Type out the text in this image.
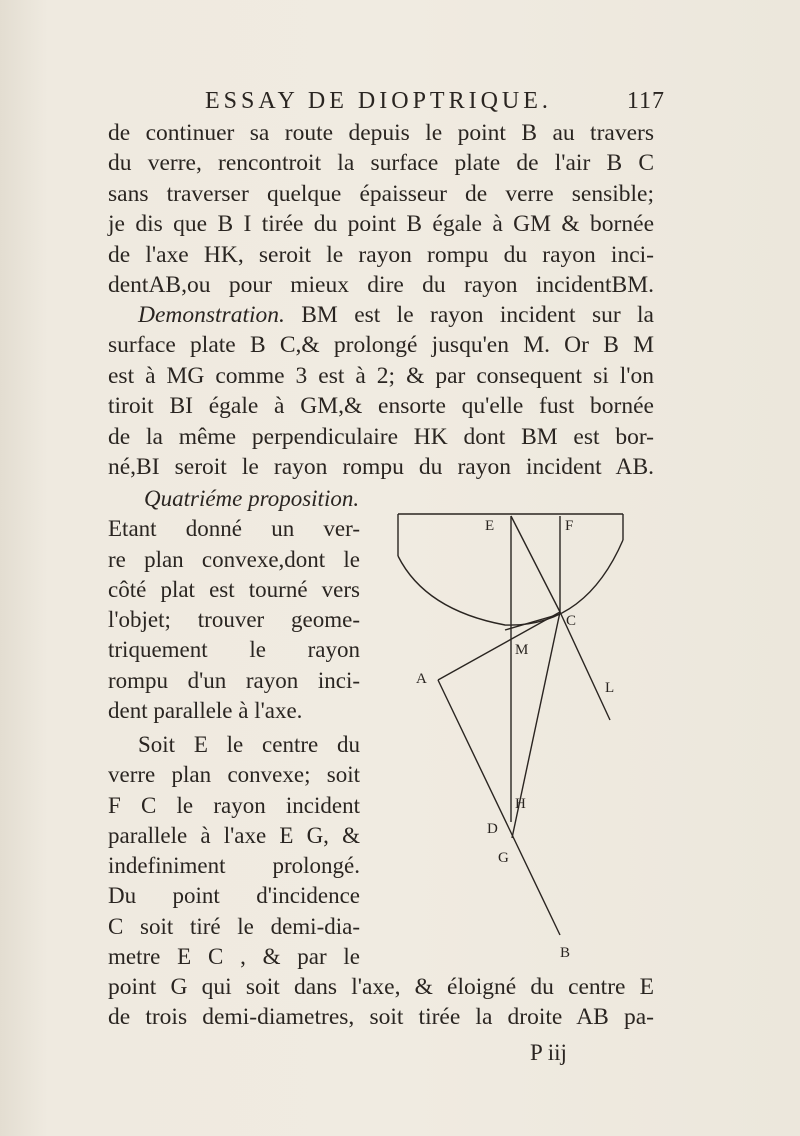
ESSAY DE DIOPTRIQUE.	117
de continuer sa route depuis le point B au travers
du verre, rencontroit la surface plate de l'air B C
sans traverser quelque épaisseur de verre sensible;
je dis que B I tirée du point B égale à GM & bornée
de l'axe HK, seroit le rayon rompu du rayon inci-
dentAB,ou pour mieux dire du rayon incidentBM.
Demonstration. BM est le rayon incident sur la
surface plate B C,& prolongé jusqu'en M. Or B M
est à MG comme 3 est à 2; & par consequent si l'on
tiroit BI égale à GM,& ensorte qu'elle fust bornée
de la même perpendiculaire HK dont BM est bor-
né,BI seroit le rayon rompu du rayon incident AB.
Quatriéme proposition.
Etant donné un ver-
re plan convexe,dont le
côté plat est tourné vers
l'objet; trouver geome-
triquement le rayon
rompu d'un rayon inci-
dent parallele à l'axe.
Soit E le centre du
verre plan convexe; soit
F C le rayon incident
parallele à l'axe E G, &
indefiniment prolongé.
Du point d'incidence
C soit tiré le demi-dia-
metre E C , & par le
point G qui soit dans l'axe, & éloigné du centre E
de trois demi-diametres, soit tirée la droite AB pa-
E	F
C
M
A
L
H
D
G
B
P iij
